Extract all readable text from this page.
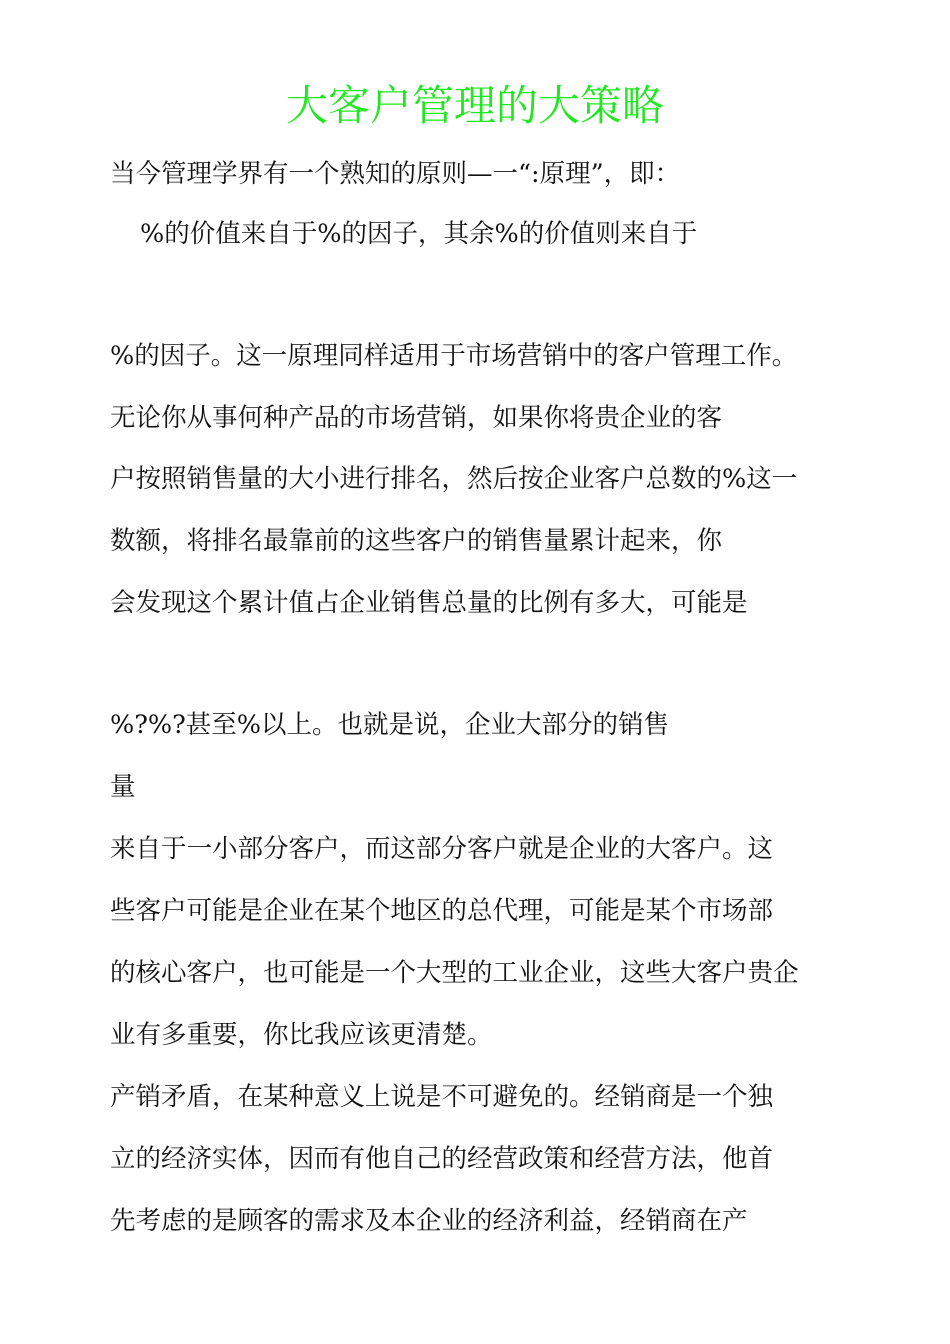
大客户管理的大策略
当今管理学界有一个熟知的原则—一“:原理”，即：
%的价值来自于%的因子，其余%的价值则来自于
%的因子。这一原理同样适用于市场营销中的客户管理工作。
无论你从事何种产品的市场营销，如果你将贵企业的客
户按照销售量的大小进行排名，然后按企业客户总数的%这一
数额，将排名最靠前的这些客户的销售量累计起来，你
会发现这个累计值占企业销售总量的比例有多大，可能是
%?%?甚至%以上。也就是说，企业大部分的销售
量
来自于一小部分客户，而这部分客户就是企业的大客户。这
些客户可能是企业在某个地区的总代理，可能是某个市场部
的核心客户，也可能是一个大型的工业企业，这些大客户贵企
业有多重要，你比我应该更清楚。
产销矛盾，在某种意义上说是不可避免的。经销商是一个独
立的经济实体，因而有他自己的经营政策和经营方法，他首
先考虑的是顾客的需求及本企业的经济利益，经销商在产
